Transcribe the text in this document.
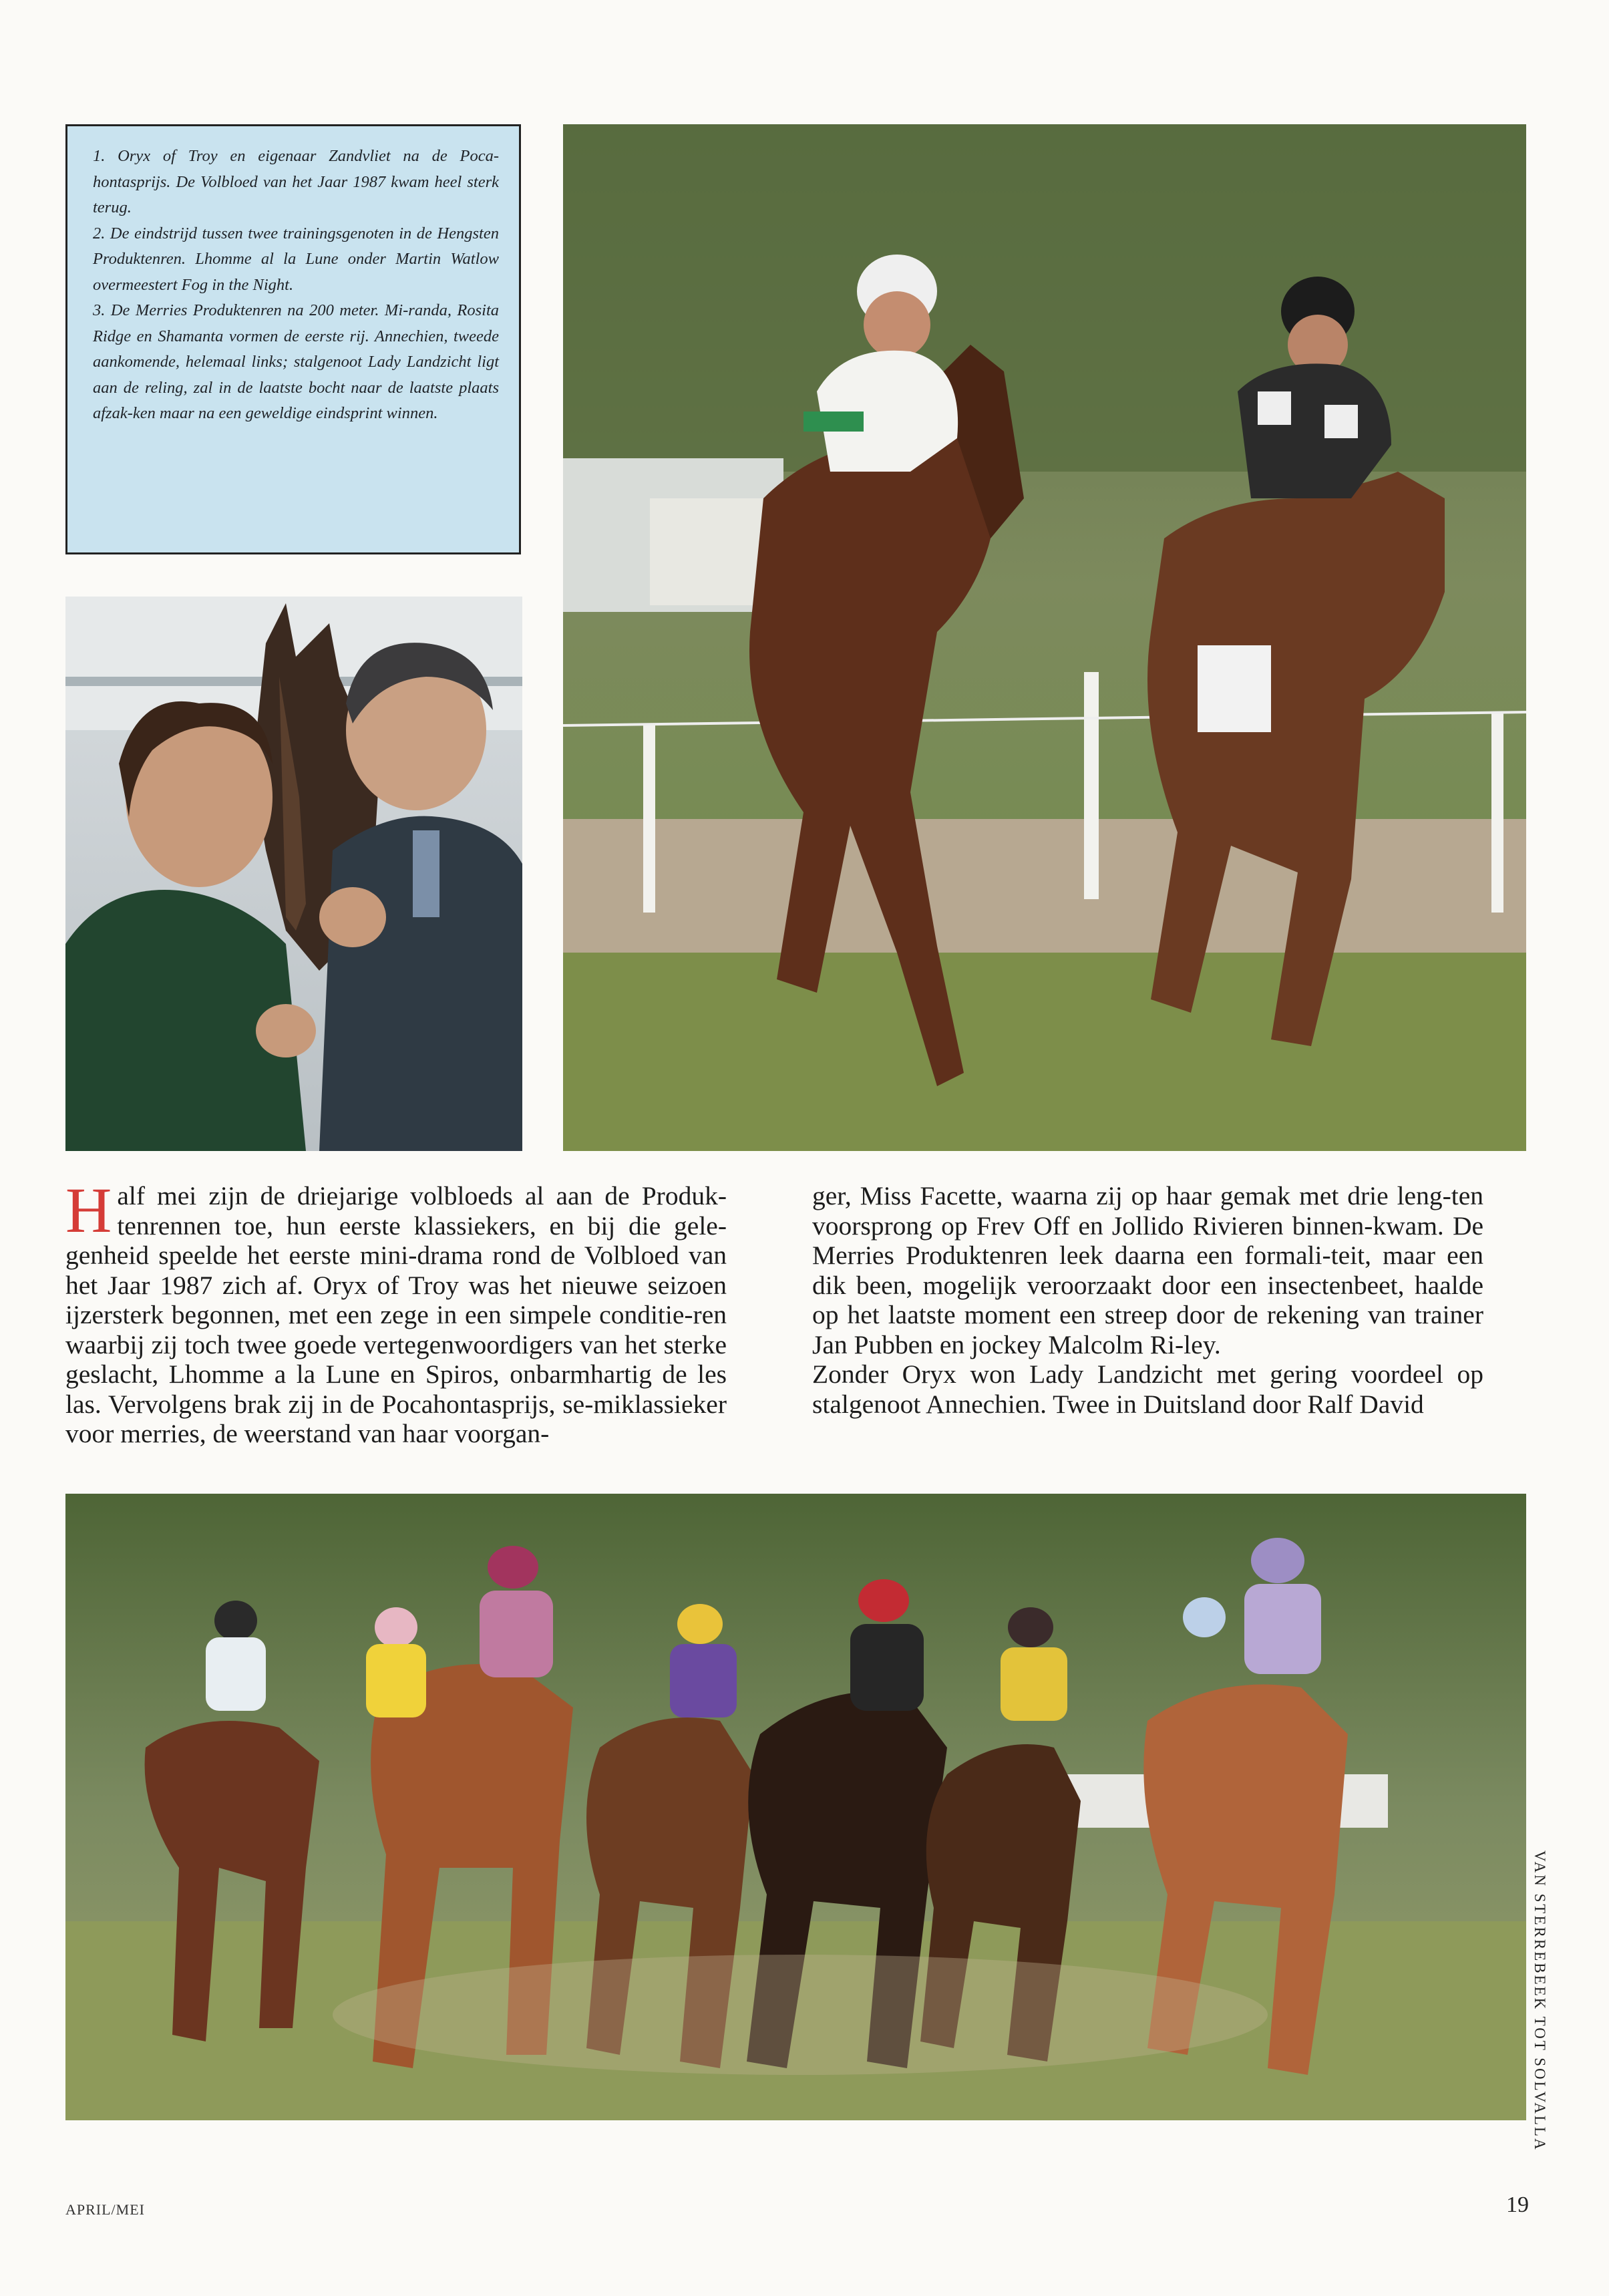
1. Oryx of Troy en eigenaar Zandvliet na de Poca-hontasprijs. De Volbloed van het Jaar 1987 kwam heel sterk terug.

2. De eindstrijd tussen twee trainingsgenoten in de Hengsten Produktenren. Lhomme al la Lune onder Martin Watlow overmeestert Fog in the Night.

3. De Merries Produktenren na 200 meter. Mi-randa, Rosita Ridge en Shamanta vormen de eerste rij. Annechien, tweede aankomende, helemaal links; stalgenoot Lady Landzicht ligt aan de reling, zal in de laatste bocht naar de laatste plaats afzak-ken maar na een geweldige eindsprint winnen.

Half mei zijn de driejarige volbloeds al aan de Produk-tenrennen toe, hun eerste klassiekers, en bij die gele-genheid speelde het eerste mini-drama rond de Volbloed van het Jaar 1987 zich af. Oryx of Troy was het nieuwe seizoen ijzersterk begonnen, met een zege in een simpele conditie-ren waarbij zij toch twee goede vertegenwoordigers van het sterke geslacht, Lhomme a la Lune en Spiros, onbarmhartig de les las. Vervolgens brak zij in de Pocahontasprijs, se-miklassieker voor merries, de weerstand van haar voorgan-

ger, Miss Facette, waarna zij op haar gemak met drie leng-ten voorsprong op Frev Off en Jollido Rivieren binnen-kwam. De Merries Produktenren leek daarna een formali-teit, maar een dik been, mogelijk veroorzaakt door een insectenbeet, haalde op het laatste moment een streep door de rekening van trainer Jan Pubben en jockey Malcolm Ri-ley.

Zonder Oryx won Lady Landzicht met gering voordeel op stalgenoot Annechien. Twee in Duitsland door Ralf David

VAN STERREBEEK TOT SOLVALLA
APRIL/MEI	19
